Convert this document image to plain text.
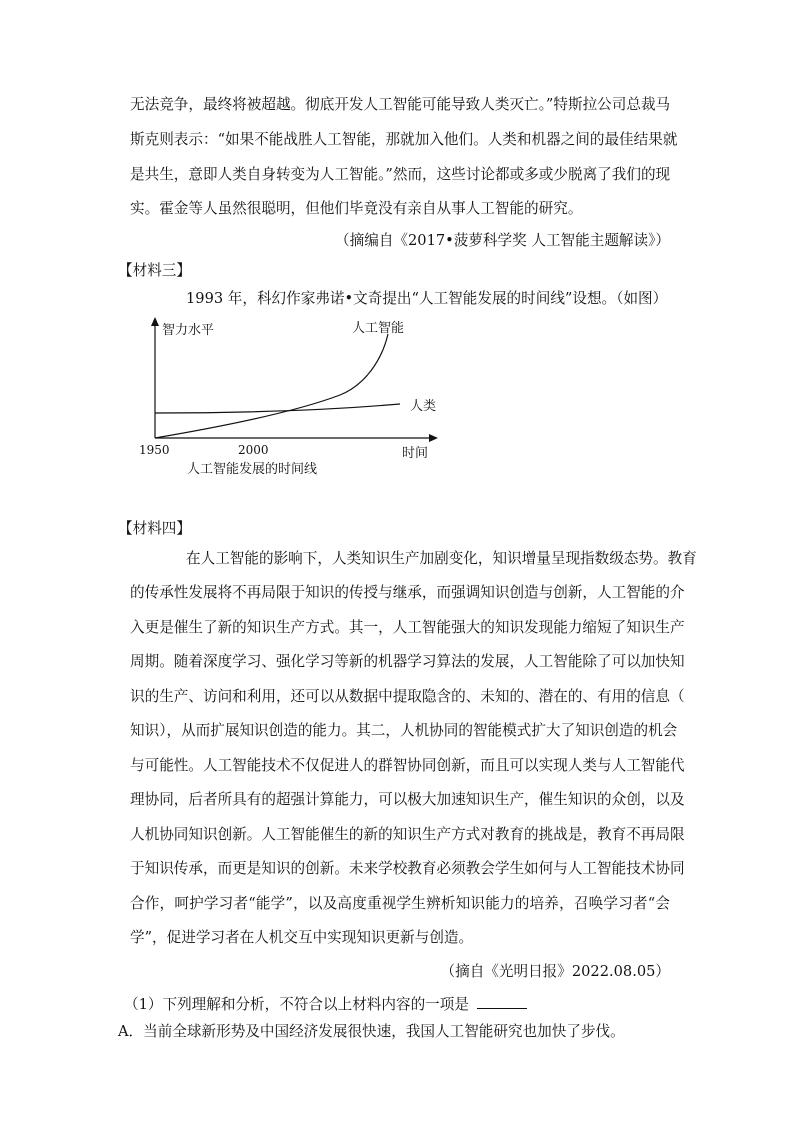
无法竞争，最终将被超越。彻底开发人工智能可能导致人类灭亡。”特斯拉公司总裁马
斯克则表示：“如果不能战胜人工智能，那就加入他们。人类和机器之间的最佳结果就
是共生，意即人类自身转变为人工智能。”然而，这些讨论都或多或少脱离了我们的现
实。霍金等人虽然很聪明，但他们毕竟没有亲自从事人工智能的研究。
（摘编自《2017•菠萝科学奖 人工智能主题解读》）
【材料三】
1993 年，科幻作家弗诺•文奇提出“人工智能发展的时间线”设想。（如图）
智力水平	人工智能
人类
1950	2000	时间
人工智能发展的时间线
【材料四】
在人工智能的影响下，人类知识生产加剧变化，知识增量呈现指数级态势。教育
的传承性发展将不再局限于知识的传授与继承，而强调知识创造与创新，人工智能的介
入更是催生了新的知识生产方式。其一，人工智能强大的知识发现能力缩短了知识生产
周期。随着深度学习、强化学习等新的机器学习算法的发展，人工智能除了可以加快知
识的生产、访问和利用，还可以从数据中提取隐含的、未知的、潜在的、有用的信息（
知识），从而扩展知识创造的能力。其二，人机协同的智能模式扩大了知识创造的机会
与可能性。人工智能技术不仅促进人的群智协同创新，而且可以实现人类与人工智能代
理协同，后者所具有的超强计算能力，可以极大加速知识生产，催生知识的众创，以及
人机协同知识创新。人工智能催生的新的知识生产方式对教育的挑战是，教育不再局限
于知识传承，而更是知识的创新。未来学校教育必须教会学生如何与人工智能技术协同
合作，呵护学习者“能学”，以及高度重视学生辨析知识能力的培养，召唤学习者“会
学”，促进学习者在人机交互中实现知识更新与创造。
（摘自《光明日报》2022.08.05）
（1）下列理解和分析，不符合以上材料内容的一项是
A．当前全球新形势及中国经济发展很快速，我国人工智能研究也加快了步伐。
